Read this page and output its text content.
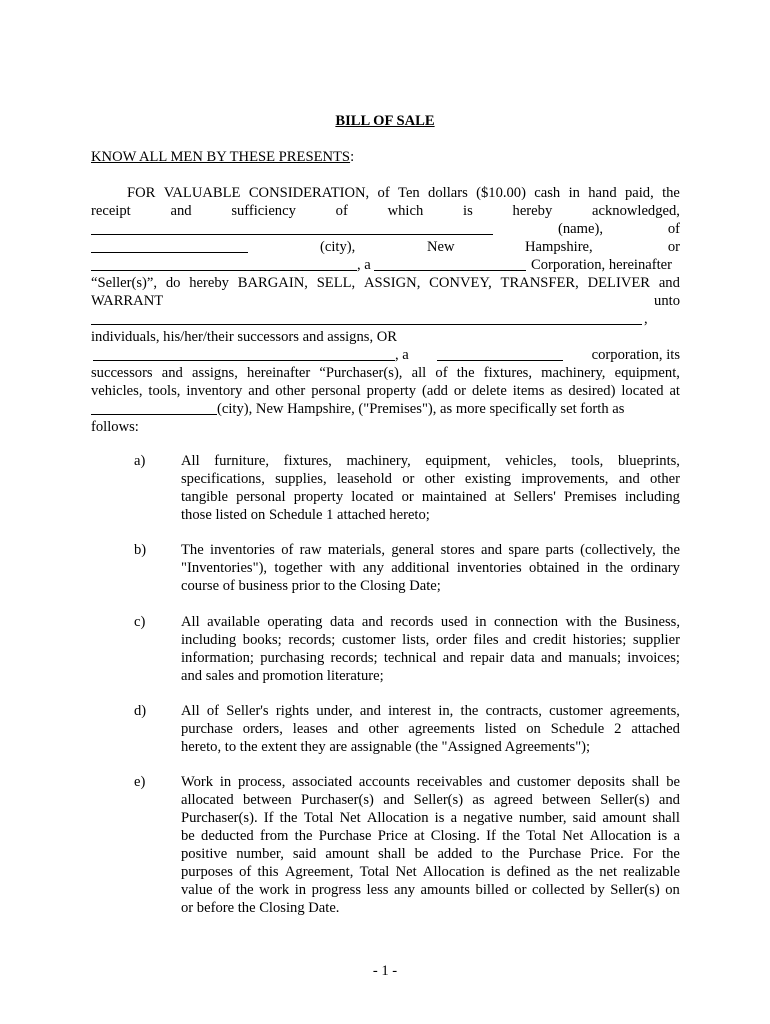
BILL OF SALE
KNOW ALL MEN BY THESE PRESENTS:
FOR VALUABLE CONSIDERATION, of Ten dollars ($10.00) cash in hand paid, the
receipt	and	sufficiency	of	which	is	hereby	acknowledged,
(name),	of
(city),	New	Hampshire,	or
, a	Corporation, hereinafter
“Seller(s)”, do hereby BARGAIN, SELL, ASSIGN, CONVEY, TRANSFER, DELIVER and
WARRANT	unto
,
individuals, his/her/their successors and assigns, OR
, a	corporation, its
successors and assigns, hereinafter “Purchaser(s), all of the fixtures, machinery, equipment,
vehicles, tools, inventory and other personal property (add or delete items as desired) located at
(city), New Hampshire, ("Premises"), as more specifically set forth as
follows:
a)	All furniture, fixtures, machinery, equipment, vehicles, tools, blueprints,
specifications, supplies, leasehold or other existing improvements, and other
tangible personal property located or maintained at Sellers' Premises including
those listed on Schedule 1 attached hereto;
b)	The inventories of raw materials, general stores and spare parts (collectively, the
"Inventories"), together with any additional inventories obtained in the ordinary
course of business prior to the Closing Date;
c)	All available operating data and records used in connection with the Business,
including books; records; customer lists, order files and credit histories; supplier
information; purchasing records; technical and repair data and manuals; invoices;
and sales and promotion literature;
d)	All of Seller's rights under, and interest in, the contracts, customer agreements,
purchase orders, leases and other agreements listed on Schedule 2 attached
hereto, to the extent they are assignable (the "Assigned Agreements");
e)	Work in process, associated accounts receivables and customer deposits shall be
allocated between Purchaser(s) and Seller(s) as agreed between Seller(s) and
Purchaser(s). If the Total Net Allocation is a negative number, said amount shall
be deducted from the Purchase Price at Closing. If the Total Net Allocation is a
positive number, said amount shall be added to the Purchase Price. For the
purposes of this Agreement, Total Net Allocation is defined as the net realizable
value of the work in progress less any amounts billed or collected by Seller(s) on
or before the Closing Date.
- 1 -
